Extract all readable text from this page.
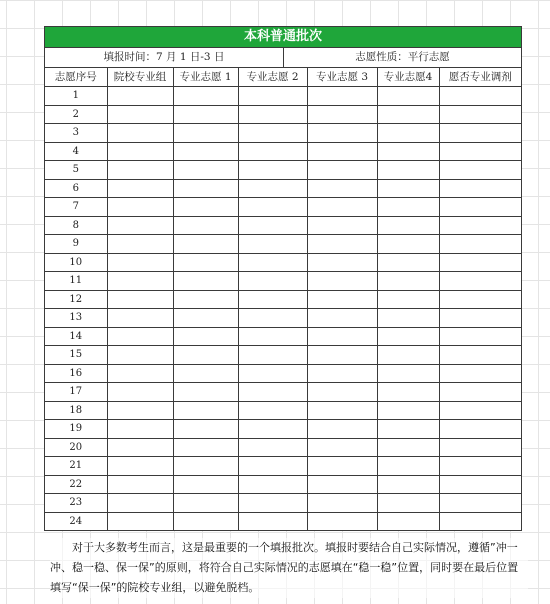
本科普通批次
填报时间：7 月 1 日-3 日	志愿性质：平行志愿
志愿序号	院校专业组	专业志愿 1	专业志愿 2	专业志愿 3	专业志愿4	愿否专业调剂
1						
2						
3						
4						
5						
6						
7						
8						
9						
10						
11						
12						
13						
14						
15						
16						
17						
18						
19						
20						
21						
22						
23						
24						

对于大多数考生而言，这是最重要的一个填报批次。填报时要结合自己实际情况，遵循”冲一冲、稳一稳、保一保”的原则，将符合自己实际情况的志愿填在“稳一稳”位置，同时要在最后位置填写“保一保”的院校专业组，以避免脱档。
